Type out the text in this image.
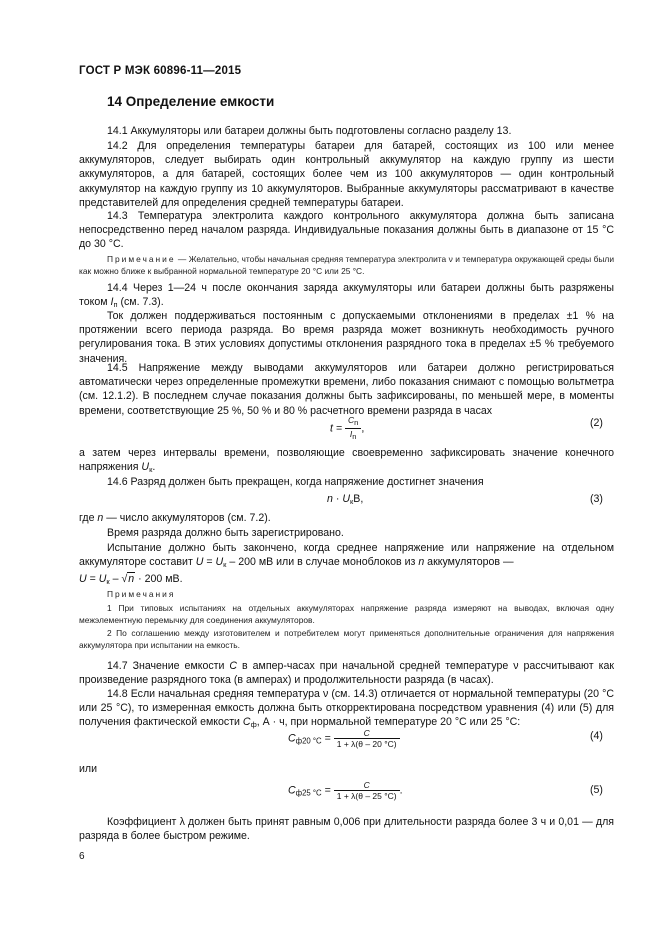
ГОСТ Р МЭК 60896-11—2015
14 Определение емкости
14.1 Аккумуляторы или батареи должны быть подготовлены согласно разделу 13.
14.2 Для определения температуры батареи для батарей, состоящих из 100 или менее аккумуляторов, следует выбирать один контрольный аккумулятор на каждую группу из шести аккумуляторов, а для батарей, состоящих более чем из 100 аккумуляторов — один контрольный аккумулятор на каждую группу из 10 аккумуляторов. Выбранные аккумуляторы рассматривают в качестве представителей для определения средней температуры батареи.
14.3 Температура электролита каждого контрольного аккумулятора должна быть записана непосредственно перед началом разряда. Индивидуальные показания должны быть в диапазоне от 15 °С до 30 °С.
Примечание — Желательно, чтобы начальная средняя температура электролита ν и температура окружающей среды были как можно ближе к выбранной нормальной температуре 20 °С или 25 °С.
14.4 Через 1—24 ч после окончания заряда аккумуляторы или батареи должны быть разряжены током $I_п$ (см. 7.3).
Ток должен поддерживаться постоянным с допускаемыми отклонениями в пределах ±1 % на протяжении всего периода разряда. Во время разряда может возникнуть необходимость ручного регулирования тока. В этих условиях допустимы отклонения разрядного тока в пределах ±5 % требуемого значения.
14.5 Напряжение между выводами аккумуляторов или батареи должно регистрироваться автоматически через определенные промежутки времени, либо показания снимают с помощью вольтметра (см. 12.1.2). В последнем случае показания должны быть зафиксированы, по меньшей мере, в моменты времени, соответствующие 25 %, 50 % и 80 % расчетного времени разряда в часах
$t = \frac{Cn}{In}$ ,	(2)
а затем через интервалы времени, позволяющие своевременно зафиксировать значение конечного напряжения $U_к$.
14.6 Разряд должен быть прекращен, когда напряжение достигнет значения
$n \cdot U_кВ$,	(3)
где n — число аккумуляторов (см. 7.2).
Время разряда должно быть зарегистрировано.
Испытание должно быть закончено, когда среднее напряжение или напряжение на отдельном аккумуляторе составит $U = U_к - 200$ мВ или в случае моноблоков из n аккумуляторов —
$U = U_к - √n \cdot 200$ мВ.
Примечания
1 При типовых испытаниях на отдельных аккумуляторах напряжение разряда измеряют на выводах, включая одну межэлементную перемычку для соединения аккумуляторов.
2 По соглашению между изготовителем и потребителем могут применяться дополнительные ограничения для напряжения аккумулятора при испытании на емкость.
14.7 Значение емкости С в ампер-часах при начальной средней температуре ν рассчитывают как произведение разрядного тока (в амперах) и продолжительности разряда (в часах).
14.8 Если начальная средняя температура ν (см. 14.3) отличается от нормальной температуры (20 °С или 25 °С), то измеренная емкость должна быть откорректирована посредством уравнения (4) или (5) для получения фактической емкости $С_ф$, А · ч, при нормальной температуре 20 °С или 25 °С:
$С_{ф20 ^\circ С} = \frac{С}{1 + \lambda(\theta - 20 ^\circ С)}$	(4)
или
$С_{ф25 ^\circ С} = \frac{С}{1 + \lambda(\theta - 25 ^\circ С)}$ .	(5)
Коэффициент λ должен быть принят равным 0,006 при длительности разряда более 3 ч и 0,01 — для разряда в более быстром режиме.
6
